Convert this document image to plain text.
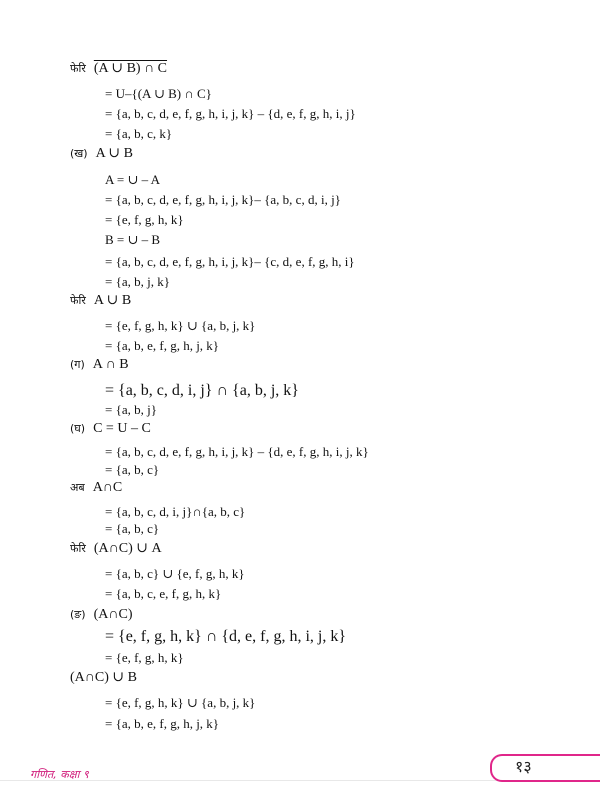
फेरि (A ∪ B) ∩ C
= U–{(A ∪ B) ∩ C}
= {a, b, c, d, e, f, g, h, i, j, k} – {d, e, f, g, h, i, j}
= {a, b, c, k}
(ख) A ∪ B
A = ∪ – A
= {a, b, c, d, e, f, g, h, i, j, k}– {a, b, c, d, i, j}
= {e, f, g, h, k}
B = ∪ – B
= {a, b, c, d, e, f, g, h, i, j, k}– {c, d, e, f, g, h, i}
= {a, b, j, k}
फेरि A ∪ B
= {e, f, g, h, k} ∪ {a, b, j, k}
= {a, b, e, f, g, h, j, k}
(ग) A ∩ B
= {a, b, c, d, i, j} ∩ {a, b, j, k}
= {a, b, j}
(घ) C = U – C
= {a, b, c, d, e, f, g, h, i, j, k} – {d, e, f, g, h, i, j, k}
= {a, b, c}
अब A∩C
= {a, b, c, d, i, j}∩{a, b, c}
= {a, b, c}
फेरि (A∩C) ∪ A
= {a, b, c} ∪ {e, f, g, h, k}
= {a, b, c, e, f, g, h, k}
(ङ) (A∩C)
= {e, f, g, h, k} ∩ {d, e, f, g, h, i, j, k}
= {e, f, g, h, k}
(A∩C) ∪ B
= {e, f, g, h, k} ∪ {a, b, j, k}
= {a, b, e, f, g, h, j, k}
गणित, कक्षा ९	१३
